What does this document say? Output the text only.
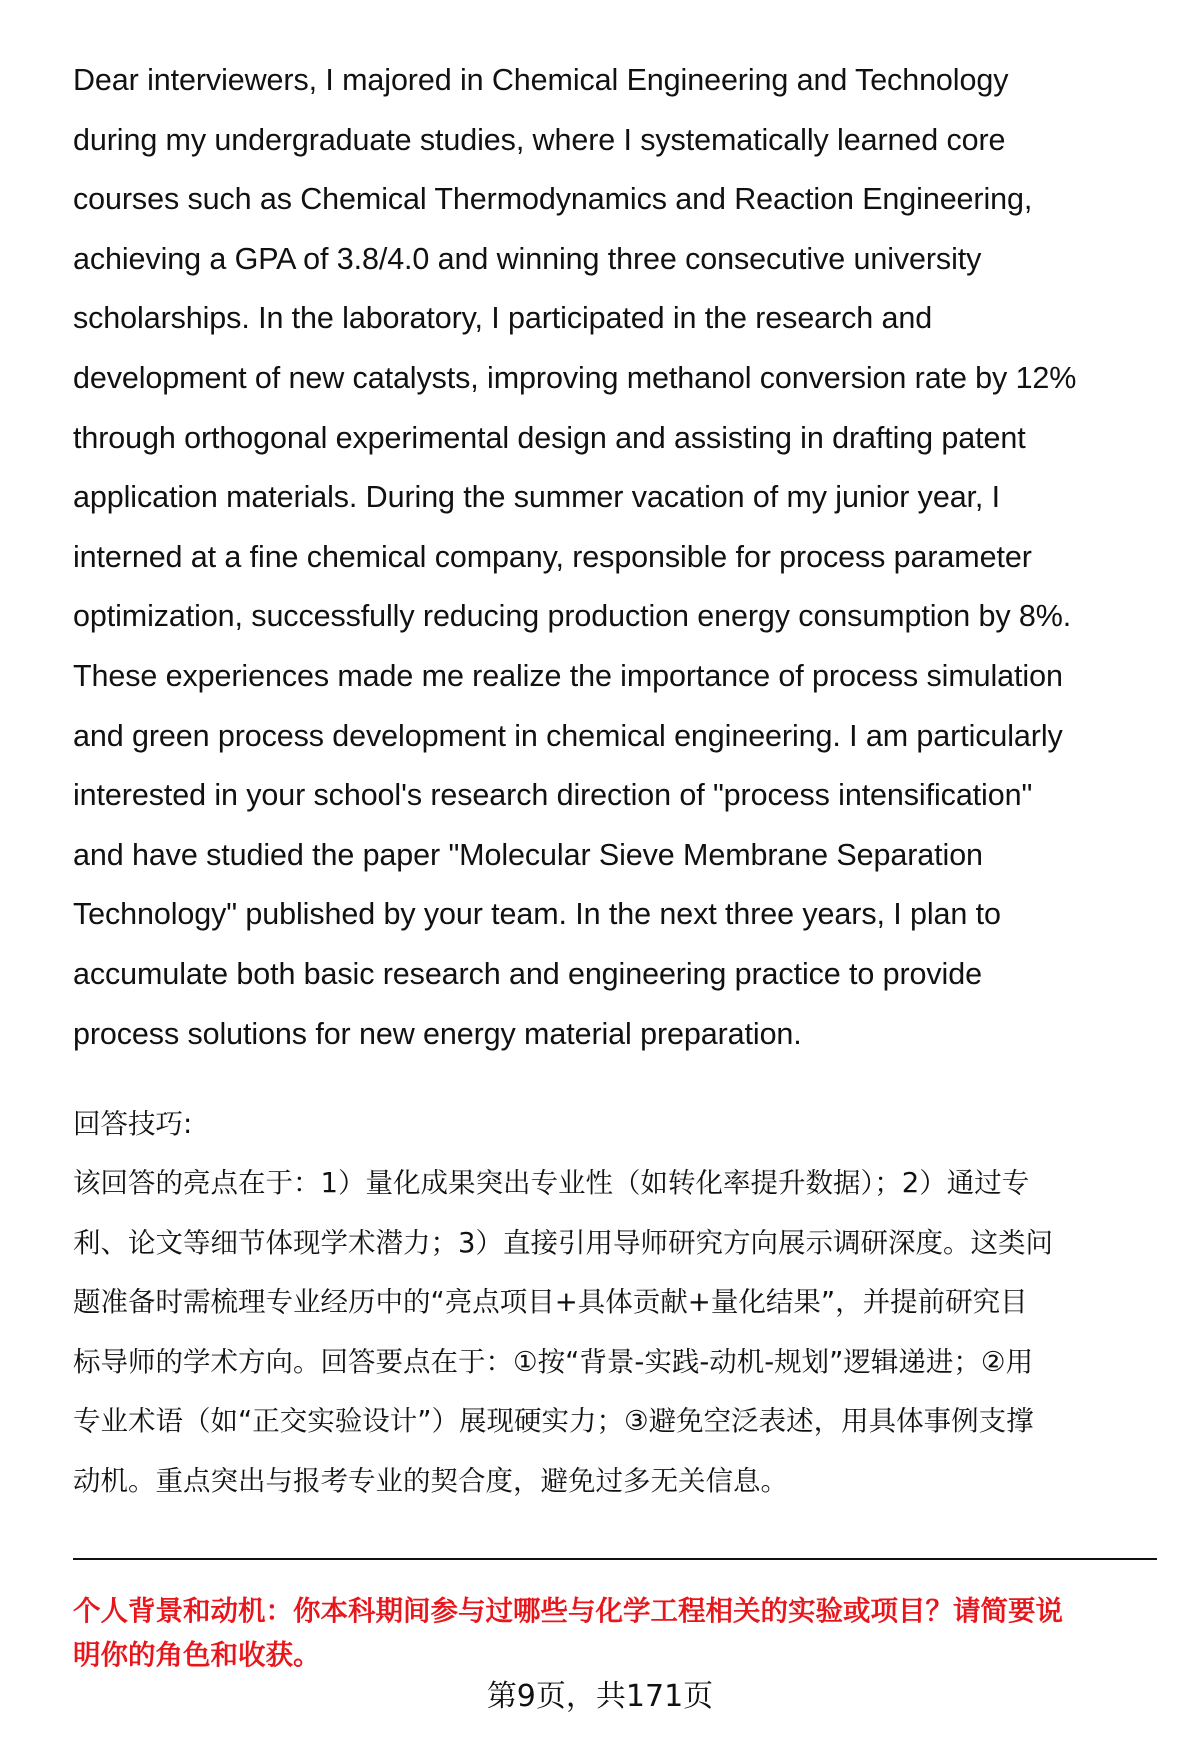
Dear interviewers, I majored in Chemical Engineering and Technology
during my undergraduate studies, where I systematically learned core
courses such as Chemical Thermodynamics and Reaction Engineering,
achieving a GPA of 3.8/4.0 and winning three consecutive university
scholarships. In the laboratory, I participated in the research and
development of new catalysts, improving methanol conversion rate by 12%
through orthogonal experimental design and assisting in drafting patent
application materials. During the summer vacation of my junior year, I
interned at a fine chemical company, responsible for process parameter
optimization, successfully reducing production energy consumption by 8%.
These experiences made me realize the importance of process simulation
and green process development in chemical engineering. I am particularly
interested in your school's research direction of "process intensification"
and have studied the paper "Molecular Sieve Membrane Separation
Technology" published by your team. In the next three years, I plan to
accumulate both basic research and engineering practice to provide
process solutions for new energy material preparation.
回答技巧:
该回答的亮点在于：1）量化成果突出专业性（如转化率提升数据）；2）通过专
利、论文等细节体现学术潜力；3）直接引用导师研究方向展示调研深度。这类问
题准备时需梳理专业经历中的“亮点项目+具体贡献+量化结果”，并提前研究目
标导师的学术方向。回答要点在于：①按“背景-实践-动机-规划”逻辑递进；②用
专业术语（如“正交实验设计”）展现硬实力；③避免空泛表述，用具体事例支撑
动机。重点突出与报考专业的契合度，避免过多无关信息。
个人背景和动机：你本科期间参与过哪些与化学工程相关的实验或项目？请简要说
明你的角色和收获。
第9页，共171页
